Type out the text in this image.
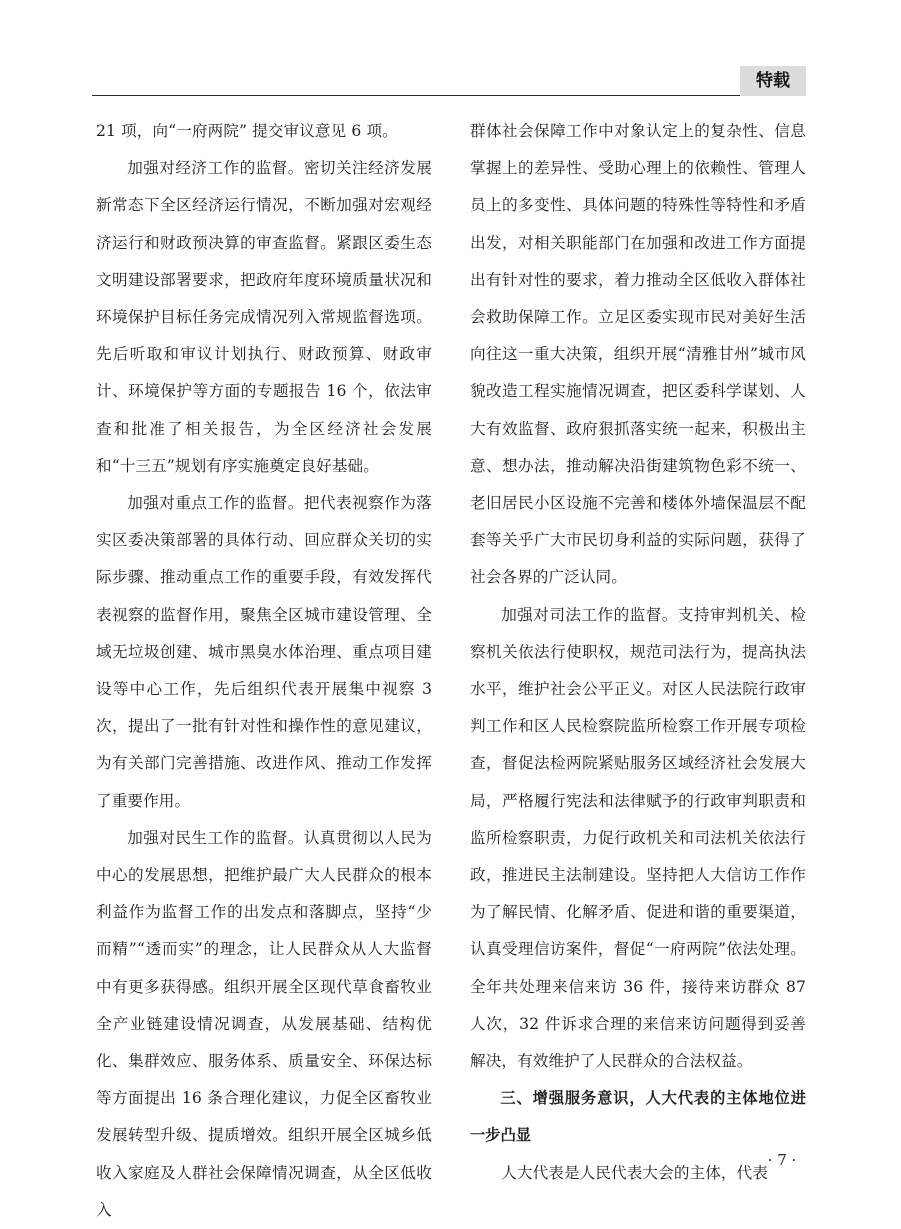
特载

21 项，向“一府两院” 提交审议意见 6 项。

加强对经济工作的监督。密切关注经济发展新常态下全区经济运行情况，不断加强对宏观经济运行和财政预决算的审查监督。紧跟区委生态文明建设部署要求，把政府年度环境质量状况和环境保护目标任务完成情况列入常规监督选项。先后听取和审议计划执行、财政预算、财政审计、环境保护等方面的专题报告 16 个，依法审查和批准了相关报告，为全区经济社会发展和“十三五”规划有序实施奠定良好基础。

加强对重点工作的监督。把代表视察作为落实区委决策部署的具体行动、回应群众关切的实际步骤、推动重点工作的重要手段，有效发挥代表视察的监督作用，聚焦全区城市建设管理、全域无垃圾创建、城市黑臭水体治理、重点项目建设等中心工作，先后组织代表开展集中视察 3 次，提出了一批有针对性和操作性的意见建议，为有关部门完善措施、改进作风、推动工作发挥了重要作用。

加强对民生工作的监督。认真贯彻以人民为中心的发展思想，把维护最广大人民群众的根本利益作为监督工作的出发点和落脚点，坚持“少而精”“透而实”的理念，让人民群众从人大监督中有更多获得感。组织开展全区现代草食畜牧业全产业链建设情况调查，从发展基础、结构优化、集群效应、服务体系、质量安全、环保达标等方面提出 16 条合理化建议，力促全区畜牧业发展转型升级、提质增效。组织开展全区城乡低收入家庭及人群社会保障情况调查，从全区低收入

群体社会保障工作中对象认定上的复杂性、信息掌握上的差异性、受助心理上的依赖性、管理人员上的多变性、具体问题的特殊性等特性和矛盾出发，对相关职能部门在加强和改进工作方面提出有针对性的要求，着力推动全区低收入群体社会救助保障工作。立足区委实现市民对美好生活向往这一重大决策，组织开展“清雅甘州”城市风貌改造工程实施情况调查，把区委科学谋划、人大有效监督、政府狠抓落实统一起来，积极出主意、想办法，推动解决沿街建筑物色彩不统一、老旧居民小区设施不完善和楼体外墙保温层不配套等关乎广大市民切身利益的实际问题，获得了社会各界的广泛认同。

加强对司法工作的监督。支持审判机关、检察机关依法行使职权，规范司法行为，提高执法水平，维护社会公平正义。对区人民法院行政审判工作和区人民检察院监所检察工作开展专项检查，督促法检两院紧贴服务区域经济社会发展大局，严格履行宪法和法律赋予的行政审判职责和监所检察职责，力促行政机关和司法机关依法行政，推进民主法制建设。坚持把人大信访工作作为了解民情、化解矛盾、促进和谐的重要渠道，认真受理信访案件，督促“一府两院”依法处理。全年共处理来信来访 36 件，接待来访群众 87 人次，32 件诉求合理的来信来访问题得到妥善解决，有效维护了人民群众的合法权益。

三、增强服务意识，人大代表的主体地位进一步凸显

人大代表是人民代表大会的主体，代表

· 7 ·
